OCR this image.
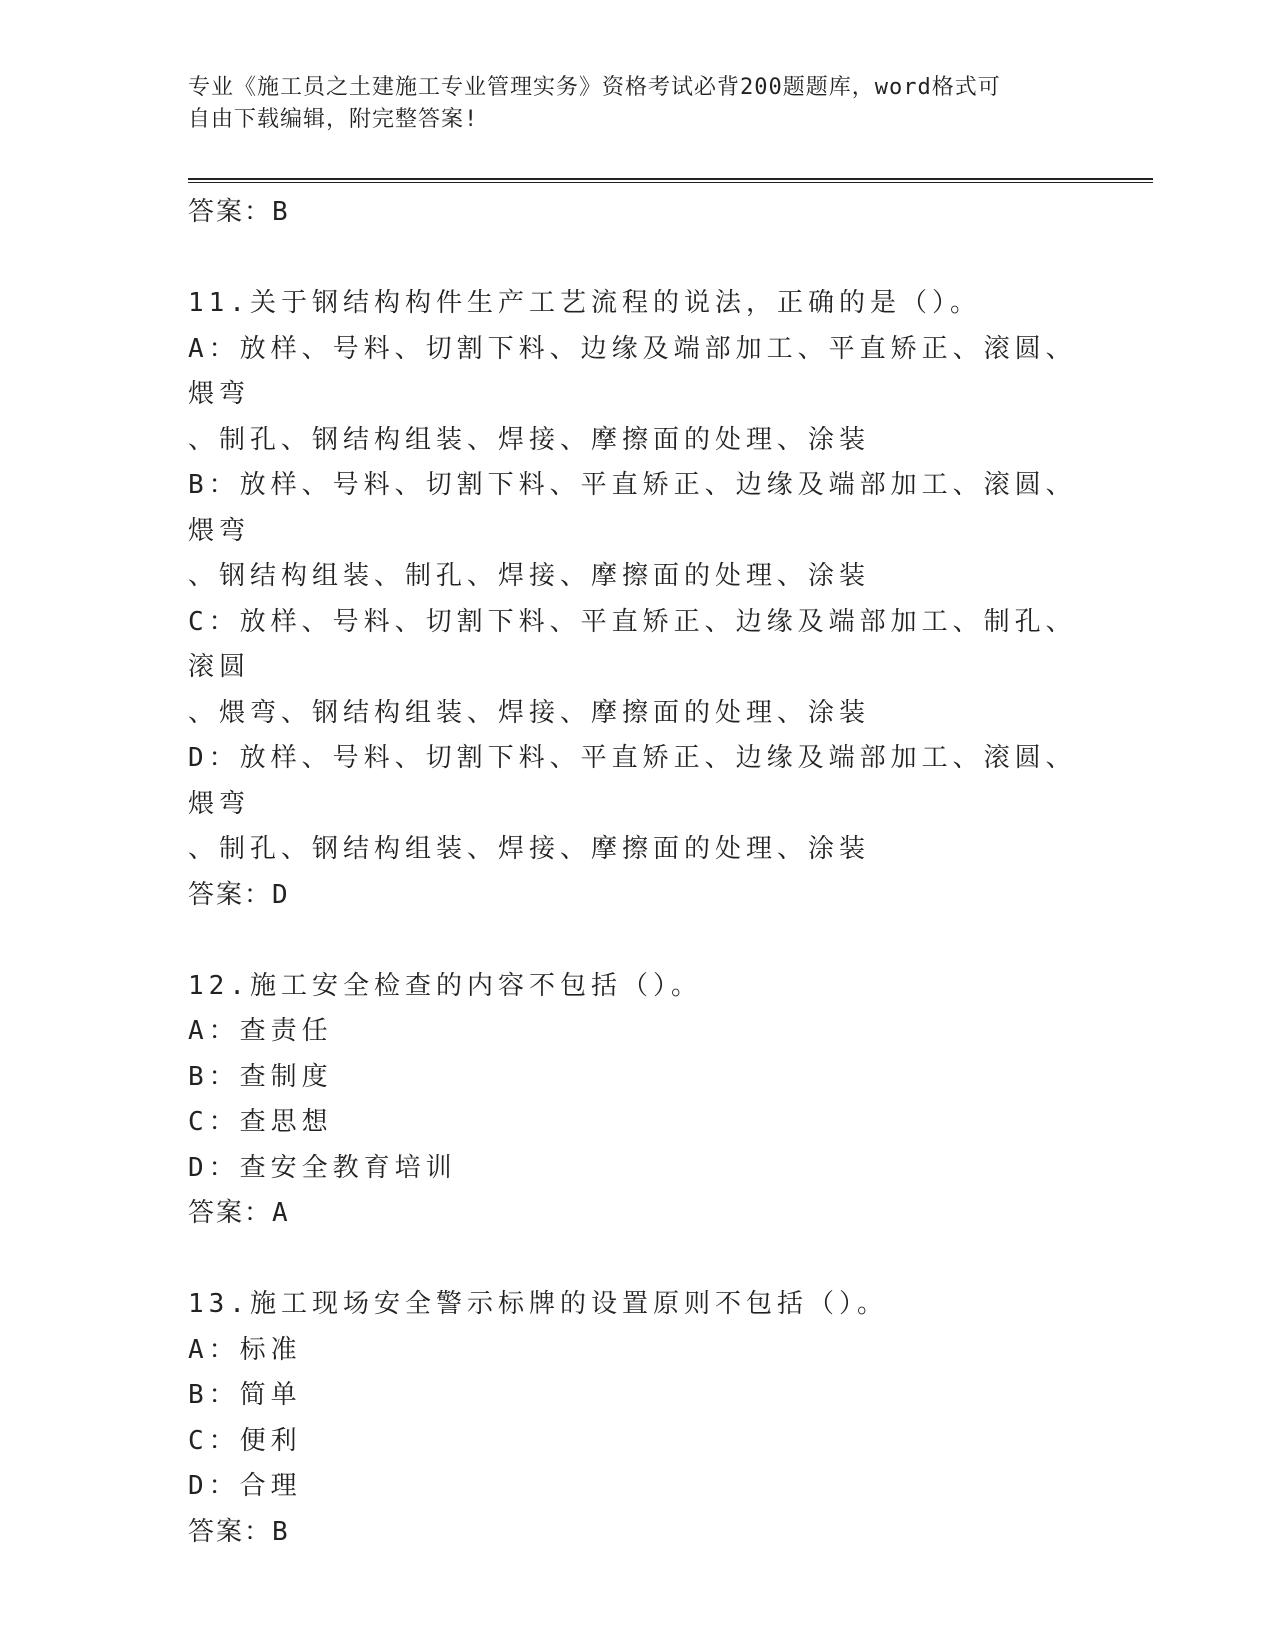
专业《施工员之土建施工专业管理实务》资格考试必背200题题库，word格式可
自由下载编辑，附完整答案!
答案：B
11.关于钢结构构件生产工艺流程的说法，正确的是（）。
A：放样、号料、切割下料、边缘及端部加工、平直矫正、滚圆、煨弯
、制孔、钢结构组装、焊接、摩擦面的处理、涂装
B：放样、号料、切割下料、平直矫正、边缘及端部加工、滚圆、煨弯
、钢结构组装、制孔、焊接、摩擦面的处理、涂装
C：放样、号料、切割下料、平直矫正、边缘及端部加工、制孔、滚圆
、煨弯、钢结构组装、焊接、摩擦面的处理、涂装
D：放样、号料、切割下料、平直矫正、边缘及端部加工、滚圆、煨弯
、制孔、钢结构组装、焊接、摩擦面的处理、涂装
答案：D
12.施工安全检查的内容不包括（）。
A：查责任
B：查制度
C：查思想
D：查安全教育培训
答案：A
13.施工现场安全警示标牌的设置原则不包括（）。
A：标准
B：简单
C：便利
D：合理
答案：B
